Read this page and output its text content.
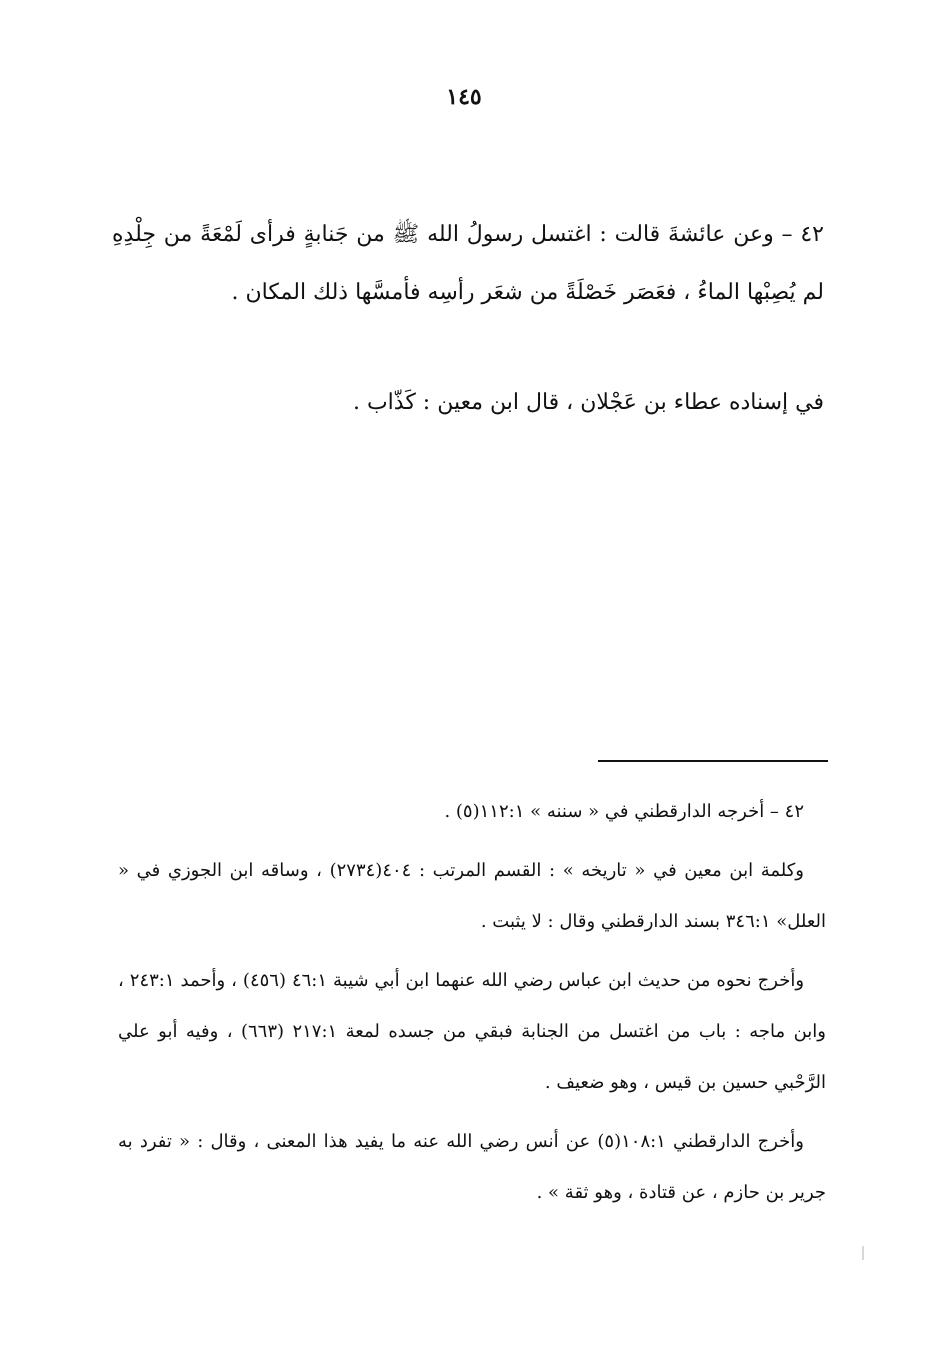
١٤٥
٤٢ – وعن عائشةَ قالت : اغتسل رسولُ الله ﷺ من جَنابةٍ فرأى لَمْعَةً من جِلْدِهِ لم يُصِبْها الماءُ ، فعَصَر خَصْلَةً من شعَر رأسِه فأمسَّها ذلك المكان .
في إسناده عطاء بن عَجْلان ، قال ابن معين : كَذّاب .

٤٢ – أخرجه الدارقطني في « سننه » ١١٢:١(٥) .

وكلمة ابن معين في « تاريخه » : القسم المرتب : ٤٠٤(٢٧٣٤) ، وساقه ابن الجوزي في « العلل» ٣٤٦:١ بسند الدارقطني وقال : لا يثبت .

وأخرج نحوه من حديث ابن عباس رضي الله عنهما ابن أبي شيبة ٤٦:١ (٤٥٦) ، وأحمد ٢٤٣:١ ، وابن ماجه : باب من اغتسل من الجنابة فبقي من جسده لمعة ٢١٧:١ (٦٦٣) ، وفيه أبو علي الرَّحْبي حسين بن قيس ، وهو ضعيف .

وأخرج الدارقطني ١٠٨:١(٥) عن أنس رضي الله عنه ما يفيد هذا المعنى ، وقال : « تفرد به جرير بن حازم ، عن قتادة ، وهو ثقة » .
